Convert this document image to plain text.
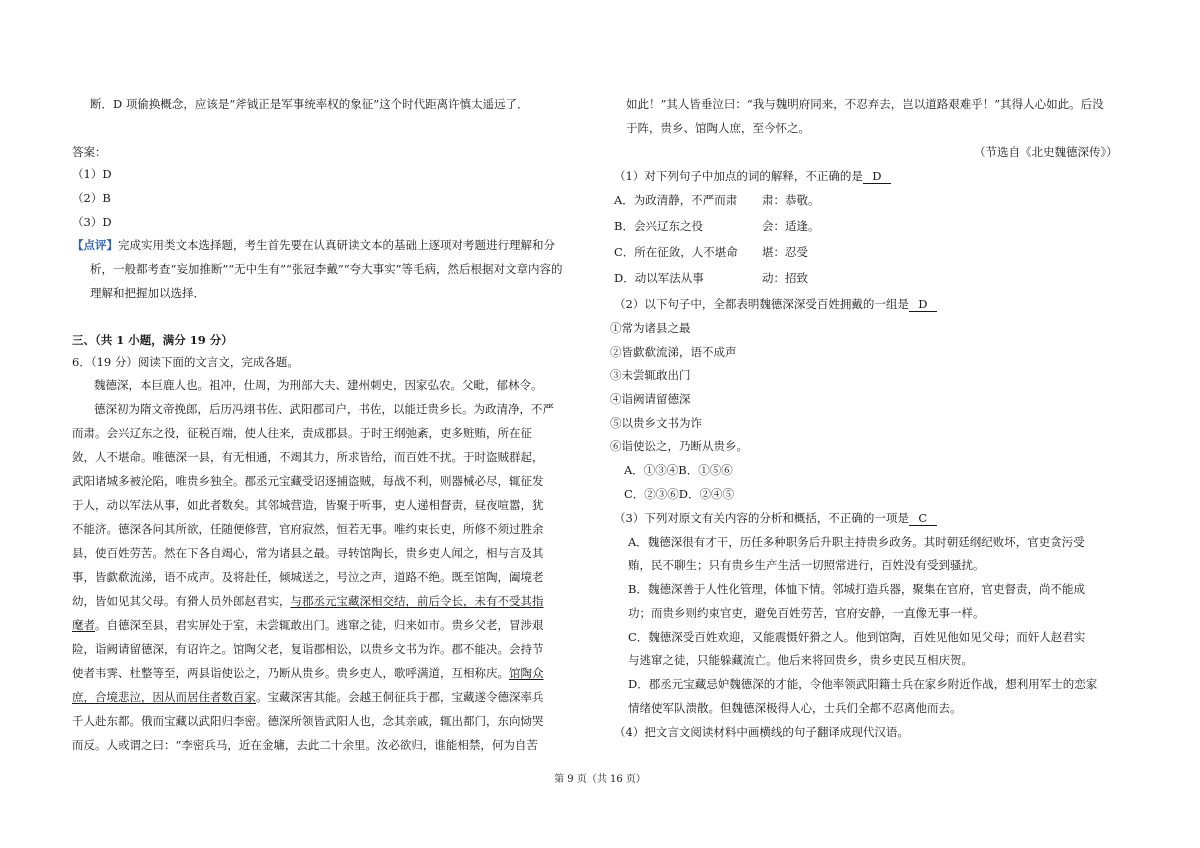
断．D 项偷换概念，应该是“斧钺正是军事统率权的象征”这个时代距离许慎太遥远了．
答案：
（1）D
（2）B
（3）D
【点评】完成实用类文本选择题，考生首先要在认真研读文本的基础上逐项对考题进行理解和分
析，一般都考查“妄加推断”“无中生有”“张冠李戴”“夸大事实”等毛病，然后根据对文章内容的
理解和把握加以选择．
三、（共 1 小题，满分 19 分）
6．（19 分）阅读下面的文言文，完成各题。
魏德深，本巨鹿人也。祖冲，仕周，为刑部大夫、建州刺史，因家弘农。父毗，郁林令。
德深初为隋文帝挽郎，后历冯翊书佐、武阳郡司户，书佐，以能迁贵乡长。为政清净，不严
而肃。会兴辽东之役，征税百端，使人往来，责成郡县。于时王纲弛紊，吏多赃贿，所在征
敛，人不堪命。唯德深一县，有无相通，不竭其力，所求皆给，而百姓不扰。于时盗贼群起，
武阳诸城多被沦陷，唯贵乡独全。郡丞元宝藏受诏逐捕盗贼，每战不利，则器械必尽，辄征发
于人，动以军法从事，如此者数矣。其邻城营造，皆聚于听事，吏人递相督责，昼夜喧嚣，犹
不能济。德深各问其所欲，任随便修营，官府寂然，恒若无事。唯约束长吏，所修不须过胜余
县，使百姓劳苦。然在下各自竭心，常为诸县之最。寻转馆陶长，贵乡吏人闻之，相与言及其
事，皆歔欷流涕，语不成声。及将赴任，倾城送之，号泣之声，道路不绝。既至馆陶，阖境老
幼，皆如见其父母。有猾人员外郎赵君实，与郡丞元宝藏深相交结，前后令长，未有不受其指
麾者。自德深至县，君实屏处于室，未尝辄敢出门。逃窜之徒，归来如市。贵乡父老，冒涉艰
险，诣阙请留德深，有诏许之。馆陶父老，复诣郡相讼，以贵乡文书为诈。郡不能决。会持节
使者韦霁、杜整等至，两县诣使讼之，乃断从贵乡。贵乡吏人，歌呼满道，互相称庆。馆陶众
庶，合境悲泣，因从而居住者数百家。宝藏深害其能。会越王侗征兵于郡，宝藏遂令德深率兵
千人赴东都。俄而宝藏以武阳归李密。德深所领皆武阳人也，念其亲戚，辄出都门，东向恸哭
而反。人或谓之曰：“李密兵马，近在金墉，去此二十余里。汝必欲归，谁能相禁，何为自苦
如此！”其人皆垂泣曰：“我与魏明府同来，不忍弃去，岂以道路艰难乎！”其得人心如此。后没
于阵，贵乡、馆陶人庶，至今怀之。
（节选自《北史魏德深传》）
（1）对下列句子中加点的词的解释，不正确的是 D
A．为政清静，不严而肃 肃：恭敬。
B．会兴辽东之役	会：适逢。
C．所在征敛，人不堪命 堪：忍受
D．动以军法从事	动：招致
（2）以下句子中，全都表明魏德深深受百姓拥戴的一组是 D
①常为诸县之最
②皆歔欷流涕，语不成声
③未尝辄敢出门
④诣阙请留德深
⑤以贵乡文书为诈
⑥诣使讼之，乃断从贵乡。
A．①③④B．①⑤⑥
C．②③⑥D．②④⑤
（3）下列对原文有关内容的分析和概括，不正确的一项是 C
A．魏德深很有才干，历任多种职务后升职主持贵乡政务。其时朝廷纲纪败坏，官吏贪污受
贿，民不聊生；只有贵乡生产生活一切照常进行，百姓没有受到骚扰。
B．魏德深善于人性化管理，体恤下情。邻城打造兵器，聚集在官府，官吏督责，尚不能成
功；而贵乡则约束官吏，避免百姓劳苦，官府安静，一直像无事一样。
C．魏德深受百姓欢迎，又能震慑奸猾之人。他到馆陶，百姓见他如见父母；而奸人赵君实
与逃窜之徒，只能躲藏流亡。他后来将回贵乡，贵乡吏民互相庆贺。
D．郡丞元宝藏忌妒魏德深的才能，令他率领武阳籍士兵在家乡附近作战，想利用军士的恋家
情绪使军队溃散。但魏德深极得人心，士兵们全都不忍离他而去。
（4）把文言文阅读材料中画横线的句子翻译成现代汉语。
第 9 页（共 16 页）
